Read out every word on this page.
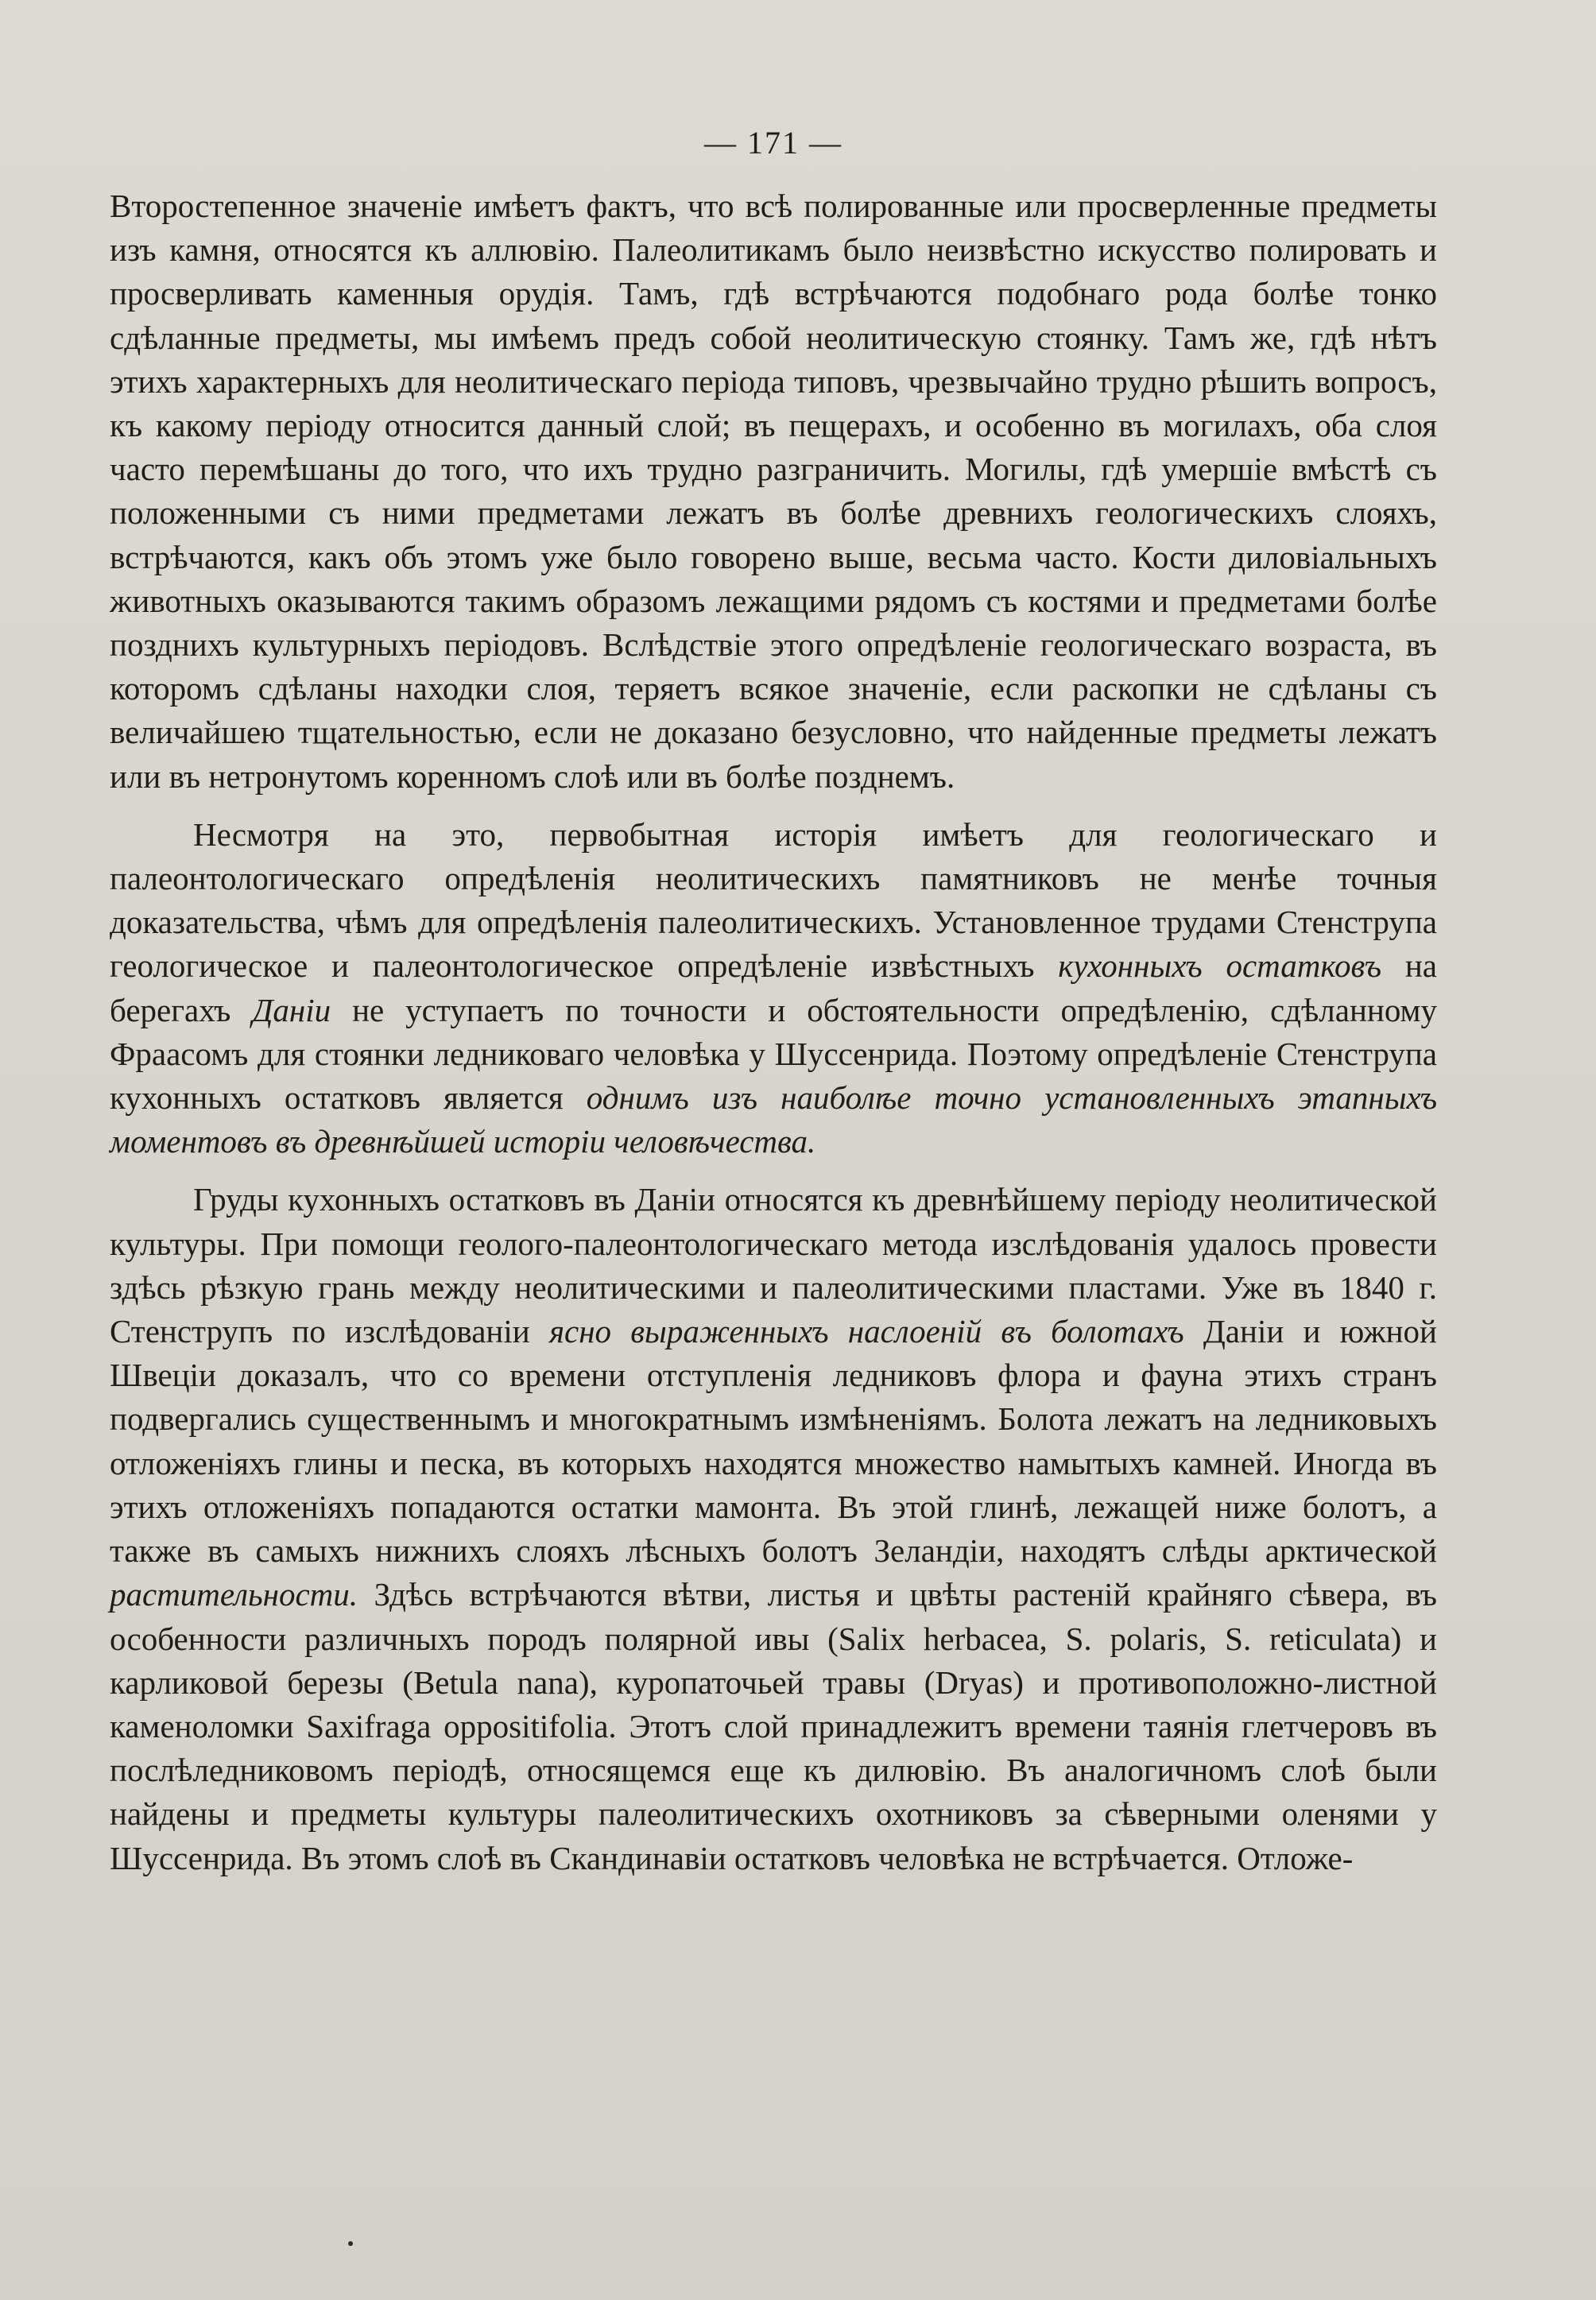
— 171 —

Второстепенное значеніе имѣетъ фактъ, что всѣ полированные или просверленные предметы изъ камня, относятся къ аллювію. Палеолитикамъ было неизвѣстно искусство полировать и просверливать каменныя орудія. Тамъ, гдѣ встрѣчаются подобнаго рода болѣе тонко сдѣланные предметы, мы имѣемъ предъ собой неолитическую стоянку. Тамъ же, гдѣ нѣтъ этихъ характерныхъ для неолитическаго періода типовъ, чрезвычайно трудно рѣшить вопросъ, къ какому періоду относится данный слой; въ пещерахъ, и особенно въ могилахъ, оба слоя часто перемѣшаны до того, что ихъ трудно разграничить. Могилы, гдѣ умершіе вмѣстѣ съ положенными съ ними предметами лежатъ въ болѣе древнихъ геологическихъ слояхъ, встрѣчаются, какъ объ этомъ уже было говорено выше, весьма часто. Кости диловіальныхъ животныхъ оказываются такимъ образомъ лежащими рядомъ съ костями и предметами болѣе позднихъ культурныхъ періодовъ. Вслѣдствіе этого опредѣленіе геологическаго возраста, въ которомъ сдѣланы находки слоя, теряетъ всякое значеніе, если раскопки не сдѣланы съ величайшею тщательностью, если не доказано безусловно, что найденные предметы лежатъ или въ нетронутомъ коренномъ слоѣ или въ болѣе позднемъ.

Несмотря на это, первобытная исторія имѣетъ для геологическаго и палеонтологическаго опредѣленія неолитическихъ памятниковъ не менѣе точныя доказательства, чѣмъ для опредѣленія палеолитическихъ. Установленное трудами Стенструпа геологическое и палеонтологическое опредѣленіе извѣстныхъ кухонныхъ остатковъ на берегахъ Даніи не уступаетъ по точности и обстоятельности опредѣленію, сдѣланному Фраасомъ для стоянки ледниковаго человѣка у Шуссенрида. Поэтому опредѣленіе Стенструпа кухонныхъ остатковъ является однимъ изъ наиболѣе точно установленныхъ этапныхъ моментовъ въ древнѣйшей исторіи человѣчества.

Груды кухонныхъ остатковъ въ Даніи относятся къ древнѣйшему періоду неолитической культуры. При помощи геолого-палеонтологическаго метода изслѣдованія удалось провести здѣсь рѣзкую грань между неолитическими и палеолитическими пластами. Уже въ 1840 г. Стенструпъ по изслѣдованіи ясно выраженныхъ наслоеній въ болотахъ Даніи и южной Швеціи доказалъ, что со времени отступленія ледниковъ флора и фауна этихъ странъ подвергались существеннымъ и многократнымъ измѣненіямъ. Болота лежатъ на ледниковыхъ отложеніяхъ глины и песка, въ которыхъ находятся множество намытыхъ камней. Иногда въ этихъ отложеніяхъ попадаются остатки мамонта. Въ этой глинѣ, лежащей ниже болотъ, а также въ самыхъ нижнихъ слояхъ лѣсныхъ болотъ Зеландіи, находятъ слѣды арктической растительности. Здѣсь встрѣчаются вѣтви, листья и цвѣты растеній крайняго сѣвера, въ особенности различныхъ породъ полярной ивы (Salix herbacea, S. polaris, S. reticulata) и карликовой березы (Betula nana), куропаточьей травы (Dryas) и противоположно-листной каменоломки Saxifraga oppositifolia. Этотъ слой принадлежитъ времени таянія глетчеровъ въ послѣледниковомъ періодѣ, относящемся еще къ дилювію. Въ аналогичномъ слоѣ были найдены и предметы культуры палеолитическихъ охотниковъ за сѣверными оленями у Шуссенрида. Въ этомъ слоѣ въ Скандинавіи остатковъ человѣка не встрѣчается. Отложе-
